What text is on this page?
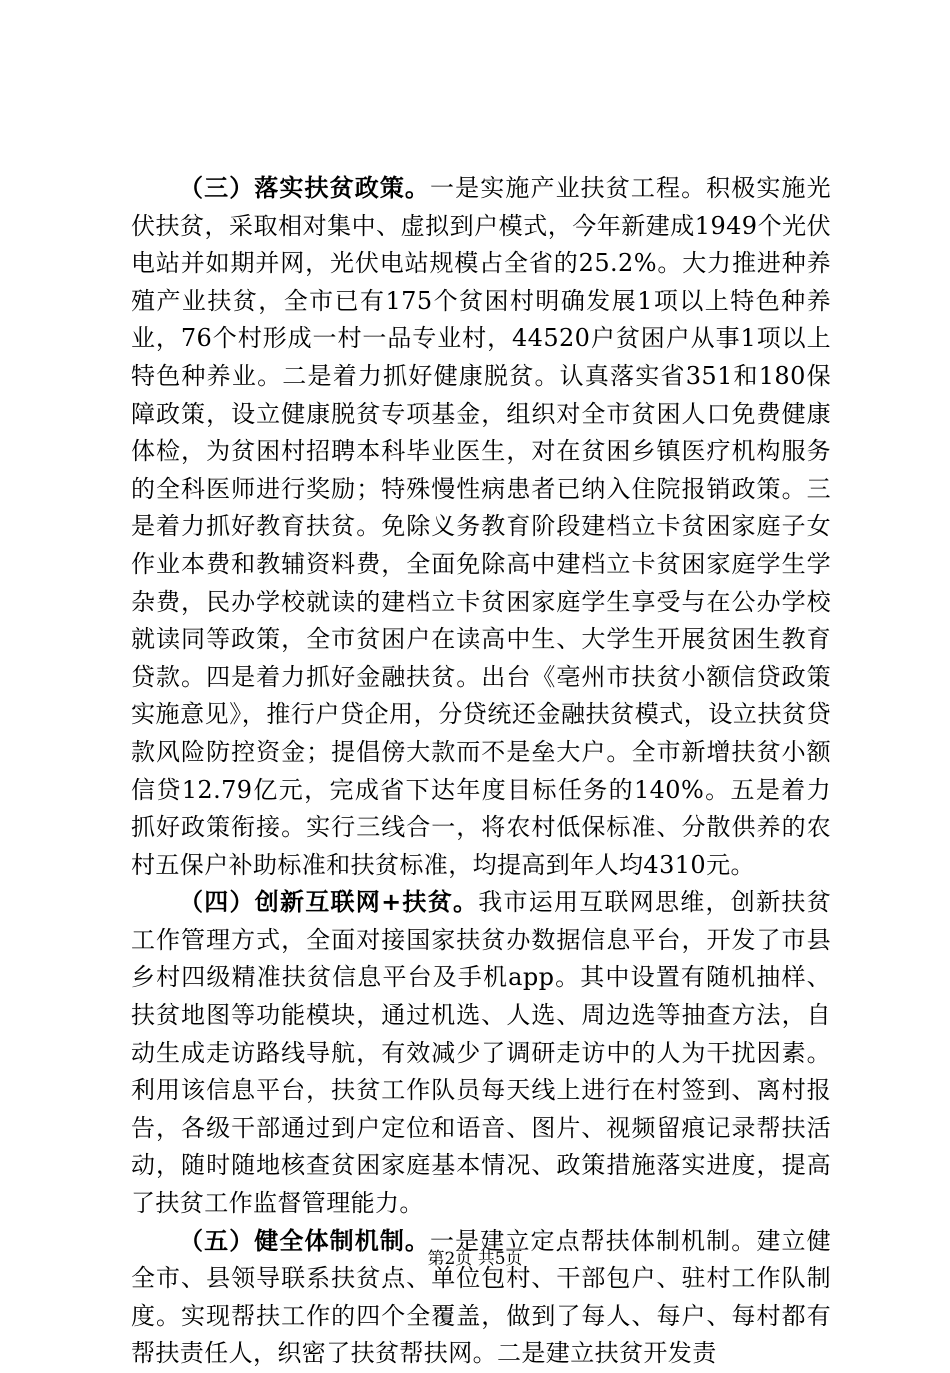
（三）落实扶贫政策。一是实施产业扶贫工程。积极实施光伏扶贫，采取相对集中、虚拟到户模式，今年新建成1949个光伏电站并如期并网，光伏电站规模占全省的25.2%。大力推进种养殖产业扶贫，全市已有175个贫困村明确发展1项以上特色种养业，76个村形成一村一品专业村，44520户贫困户从事1项以上特色种养业。二是着力抓好健康脱贫。认真落实省351和180保障政策，设立健康脱贫专项基金，组织对全市贫困人口免费健康体检，为贫困村招聘本科毕业医生，对在贫困乡镇医疗机构服务的全科医师进行奖励；特殊慢性病患者已纳入住院报销政策。三是着力抓好教育扶贫。免除义务教育阶段建档立卡贫困家庭子女作业本费和教辅资料费，全面免除高中建档立卡贫困家庭学生学杂费，民办学校就读的建档立卡贫困家庭学生享受与在公办学校就读同等政策，全市贫困户在读高中生、大学生开展贫困生教育贷款。四是着力抓好金融扶贫。出台《亳州市扶贫小额信贷政策实施意见》，推行户贷企用，分贷统还金融扶贫模式，设立扶贫贷款风险防控资金；提倡傍大款而不是垒大户。全市新增扶贫小额信贷12.79亿元，完成省下达年度目标任务的140%。五是着力抓好政策衔接。实行三线合一，将农村低保标准、分散供养的农村五保户补助标准和扶贫标准，均提高到年人均4310元。

（四）创新互联网+扶贫。我市运用互联网思维，创新扶贫工作管理方式，全面对接国家扶贫办数据信息平台，开发了市县乡村四级精准扶贫信息平台及手机app。其中设置有随机抽样、扶贫地图等功能模块，通过机选、人选、周边选等抽查方法，自动生成走访路线导航，有效减少了调研走访中的人为干扰因素。利用该信息平台，扶贫工作队员每天线上进行在村签到、离村报告，各级干部通过到户定位和语音、图片、视频留痕记录帮扶活动，随时随地核查贫困家庭基本情况、政策措施落实进度，提高了扶贫工作监督管理能力。

（五）健全体制机制。一是建立定点帮扶体制机制。建立健全市、县领导联系扶贫点、单位包村、干部包户、驻村工作队制度。实现帮扶工作的四个全覆盖，做到了每人、每户、每村都有帮扶责任人，织密了扶贫帮扶网。二是建立扶贫开发责

第2页 共5页
